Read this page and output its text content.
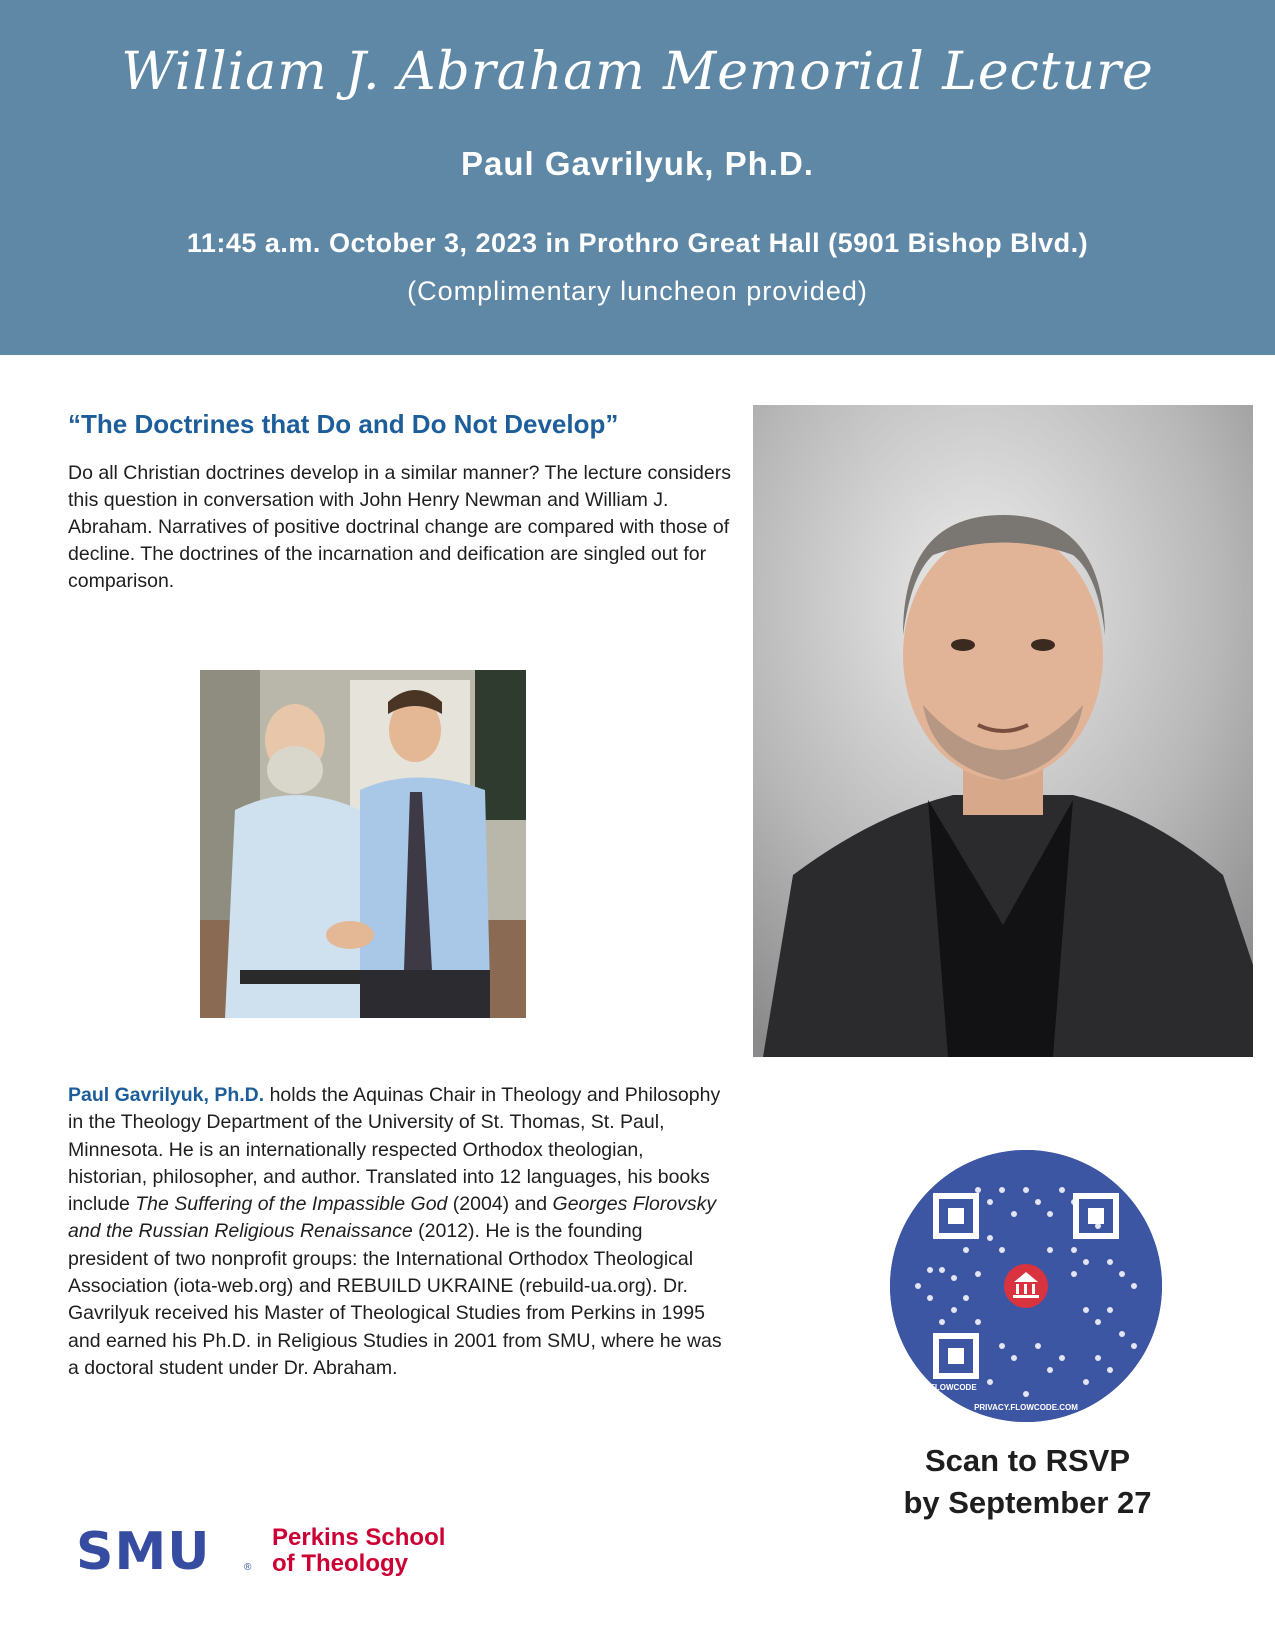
William J. Abraham Memorial Lecture
Paul Gavrilyuk, Ph.D.
11:45 a.m. October 3, 2023 in Prothro Great Hall (5901 Bishop Blvd.)
(Complimentary luncheon provided)
“The Doctrines that Do and Do Not Develop”

Do all Christian doctrines develop in a similar manner? The lecture considers this question in conversation with John Henry Newman and William J. Abraham. Narratives of positive doctrinal change are compared with those of decline. The doctrines of the incarnation and deification are singled out for comparison.

Paul Gavrilyuk, Ph.D. holds the Aquinas Chair in Theology and Philosophy in the Theology Department of the University of St. Thomas, St. Paul, Minnesota. He is an internationally respected Orthodox theologian, historian, philosopher, and author. Translated into 12 languages, his books include The Suffering of the Impassible God (2004) and Georges Florovsky and the Russian Religious Renaissance (2012). He is the founding president of two nonprofit groups: the International Orthodox Theological Association (iota-web.org) and REBUILD UKRAINE (rebuild-ua.org). Dr. Gavrilyuk received his Master of Theological Studies from Perkins in 1995 and earned his Ph.D. in Religious Studies in 2001 from SMU, where he was a doctoral student under Dr. Abraham.

FLOWCODE
PRIVACY.FLOWCODE.COM
Scan to RSVP
by September 27
SMU	®
Perkins School
of Theology
